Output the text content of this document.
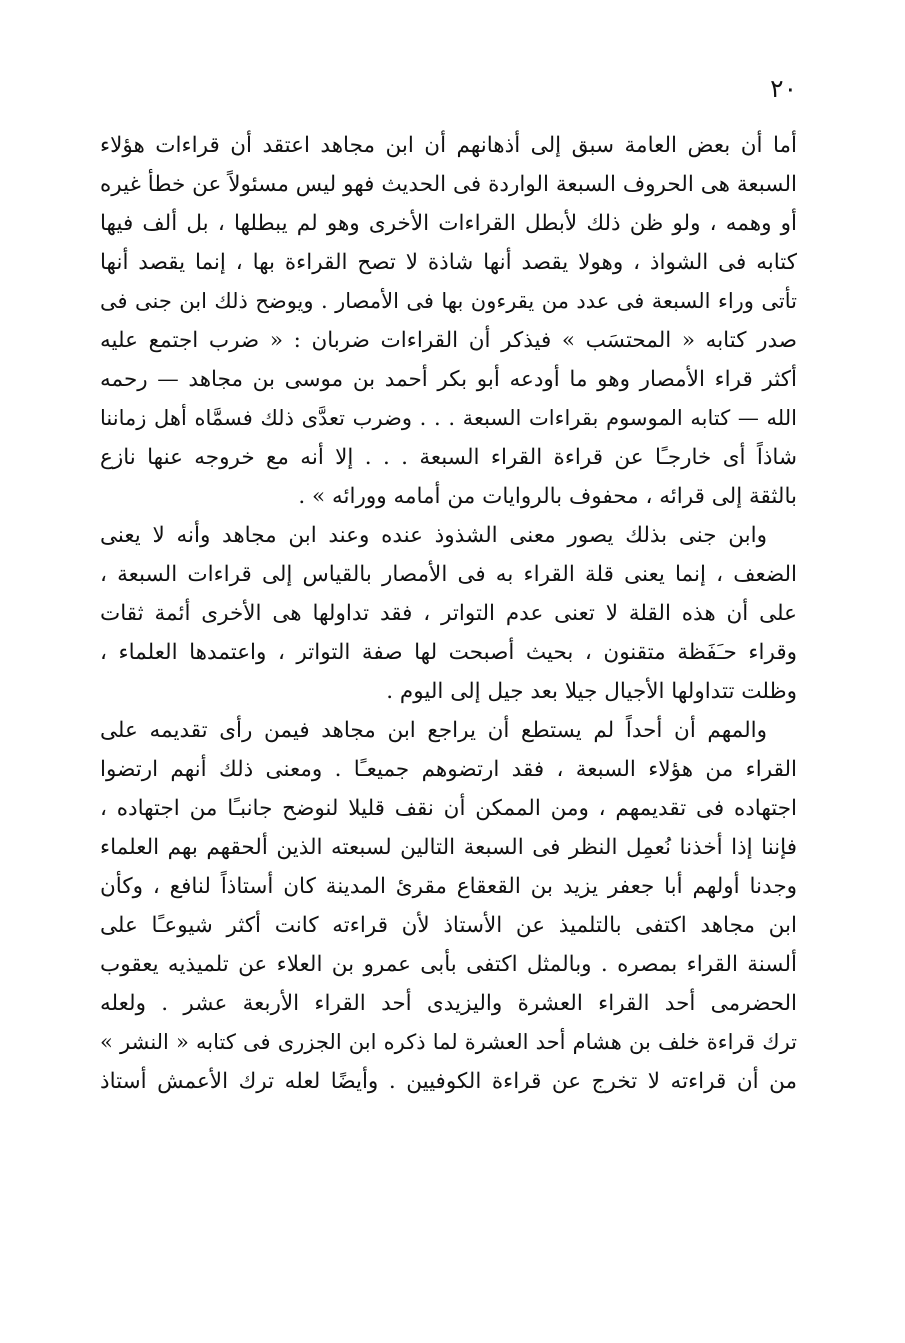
٢٠
أما أن بعض العامة سبق إلى أذهانهم أن ابن مجاهد اعتقد أن قراءات هؤلاء
السبعة هى الحروف السبعة الواردة فى الحديث فهو ليس مسئولاً عن خطأ غيره
أو وهمه ، ولو ظن ذلك لأبطل القراءات الأخرى وهو لم يبطلها ، بل ألف فيها
كتابه فى الشواذ ، وهولا يقصد أنها شاذة لا تصح القراءة بها ، إنما يقصد أنها
تأتى وراء السبعة فى عدد من يقرءون بها فى الأمصار . ويوضح ذلك ابن جنى فى
صدر كتابه « المحتسَب » فيذكر أن القراءات ضربان : « ضرب اجتمع عليه
أكثر قراء الأمصار وهو ما أودعه أبو بكر أحمد بن موسى بن مجاهد — رحمه
الله — كتابه الموسوم بقراءات السبعة . . . وضرب تعدَّى ذلك فسمَّاه أهل زماننا
شاذاً أى خارجـًا عن قراءة القراء السبعة . . . إلا أنه مع خروجه عنها نازع
بالثقة إلى قرائه ، محفوف بالروايات من أمامه وورائه » .
وابن جنى بذلك يصور معنى الشذوذ عنده وعند ابن مجاهد وأنه لا يعنى
الضعف ، إنما يعنى قلة القراء به فى الأمصار بالقياس إلى قراءات السبعة ،
على أن هذه القلة لا تعنى عدم التواتر ، فقد تداولها هى الأخرى أئمة ثقات
وقراء حـَفَظة متقنون ، بحيث أصبحت لها صفة التواتر ، واعتمدها العلماء ،
وظلت تتداولها الأجيال جيلا بعد جيل إلى اليوم .
والمهم أن أحداً لم يستطع أن يراجع ابن مجاهد فيمن رأى تقديمه على
القراء من هؤلاء السبعة ، فقد ارتضوهم جميعـًا . ومعنى ذلك أنهم ارتضوا
اجتهاده فى تقديمهم ، ومن الممكن أن نقف قليلا لنوضح جانبـًا من اجتهاده ،
فإننا إذا أخذنا نُعمِل النظر فى السبعة التالين لسبعته الذين ألحقهم بهم العلماء
وجدنا أولهم أبا جعفر يزيد بن القعقاع مقرئ المدينة كان أستاذاً لنافع ، وكأن
ابن مجاهد اكتفى بالتلميذ عن الأستاذ لأن قراءته كانت أكثر شيوعـًا على
ألسنة القراء بمصره . وبالمثل اكتفى بأبى عمرو بن العلاء عن تلميذيه يعقوب
الحضرمى أحد القراء العشرة واليزيدى أحد القراء الأربعة عشر . ولعله
ترك قراءة خلف بن هشام أحد العشرة لما ذكره ابن الجزرى فى كتابه « النشر »
من أن قراءته لا تخرج عن قراءة الكوفيين . وأيضًا لعله ترك الأعمش أستاذ
